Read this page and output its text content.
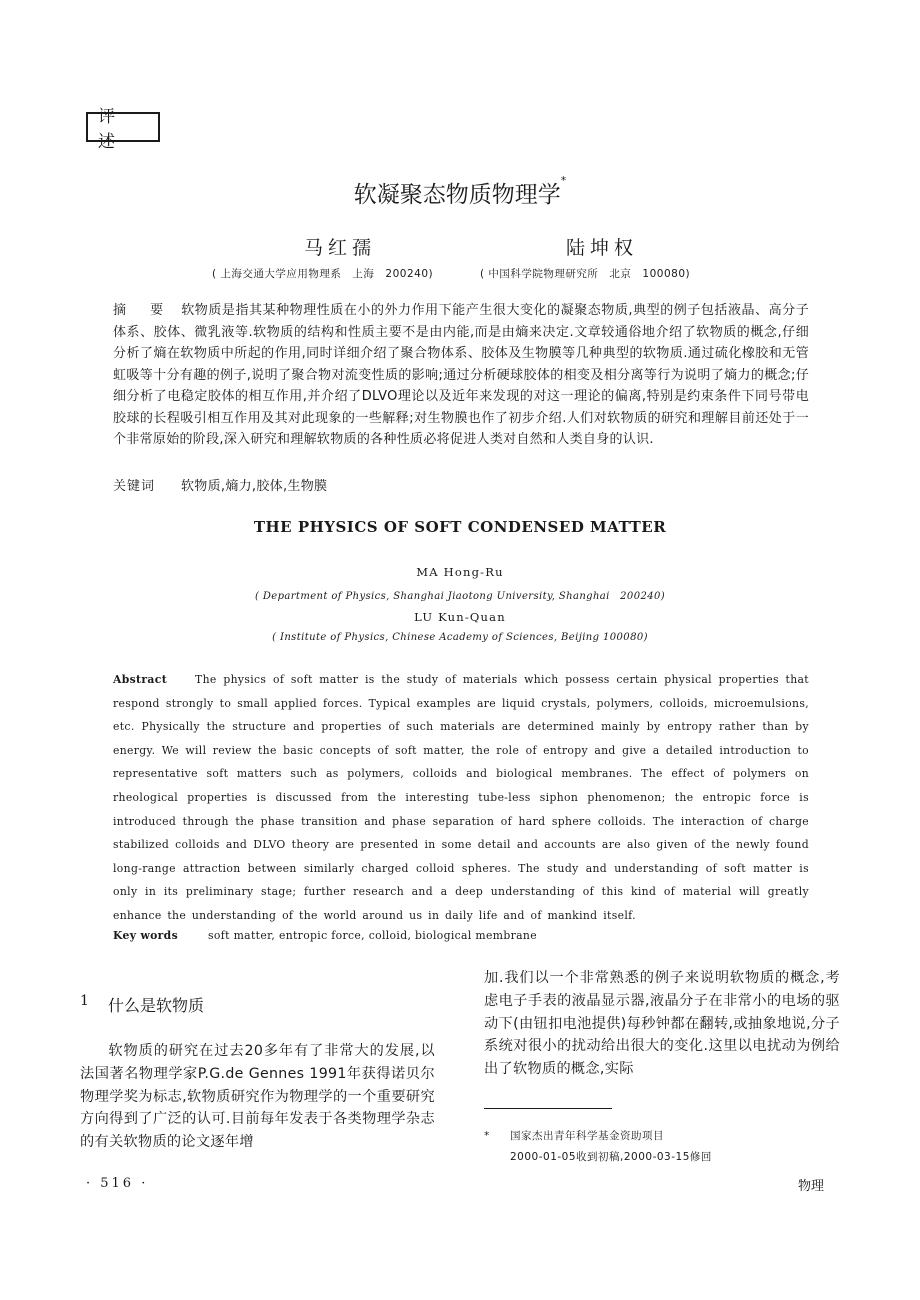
评 述
软凝聚态物质物理学*
马红孺	陆坤权
( 上海交通大学应用物理系　上海　200240)	( 中国科学院物理研究所　北京　100080)
摘 要 软物质是指其某种物理性质在小的外力作用下能产生很大变化的凝聚态物质,典型的例子包括液晶、高分子体系、胶体、微乳液等.软物质的结构和性质主要不是由内能,而是由熵来决定.文章较通俗地介绍了软物质的概念,仔细分析了熵在软物质中所起的作用,同时详细介绍了聚合物体系、胶体及生物膜等几种典型的软物质.通过硫化橡胶和无管虹吸等十分有趣的例子,说明了聚合物对流变性质的影响;通过分析硬球胶体的相变及相分离等行为说明了熵力的概念;仔细分析了电稳定胶体的相互作用,并介绍了DLVO理论以及近年来发现的对这一理论的偏离,特别是约束条件下同号带电胶球的长程吸引相互作用及其对此现象的一些解释;对生物膜也作了初步介绍.人们对软物质的研究和理解目前还处于一个非常原始的阶段,深入研究和理解软物质的各种性质必将促进人类对自然和人类自身的认识.
关键词 软物质,熵力,胶体,生物膜
THE PHYSICS OF SOFT CONDENSED MATTER
MA Hong-Ru
( Department of Physics, Shanghai Jiaotong University, Shanghai　200240)
LU Kun-Quan
( Institute of Physics, Chinese Academy of Sciences, Beijing 100080)
Abstract	The physics of soft matter is the study of materials which possess certain physical properties that respond strongly to small applied forces. Typical examples are liquid crystals, polymers, colloids, microemulsions, etc. Physically the structure and properties of such materials are determined mainly by entropy rather than by energy. We will review the basic concepts of soft matter, the role of entropy and give a detailed introduction to representative soft matters such as polymers, colloids and biological membranes. The effect of polymers on rheological properties is discussed from the interesting tube-less siphon phenomenon; the entropic force is introduced through the phase transition and phase separation of hard sphere colloids. The interaction of charge stabilized colloids and DLVO theory are presented in some detail and accounts are also given of the newly found long-range attraction between similarly charged colloid spheres. The study and understanding of soft matter is only in its preliminary stage; further research and a deep understanding of this kind of material will greatly enhance the understanding of the world around us in daily life and of mankind itself.
Key words	soft matter, entropic force, colloid, biological membrane
1	什么是软物质
软物质的研究在过去20多年有了非常大的发展,以法国著名物理学家P.G.de Gennes 1991年获得诺贝尔物理学奖为标志,软物质研究作为物理学的一个重要研究方向得到了广泛的认可.目前每年发表于各类物理学杂志的有关软物质的论文逐年增
加.我们以一个非常熟悉的例子来说明软物质的概念,考虑电子手表的液晶显示器,液晶分子在非常小的电场的驱动下(由钮扣电池提供)每秒钟都在翻转,或抽象地说,分子系统对很小的扰动给出很大的变化.这里以电扰动为例给出了软物质的概念,实际
* 国家杰出青年科学基金资助项目
2000-01-05收到初稿,2000-03-15修回
· 516 ·	物理
